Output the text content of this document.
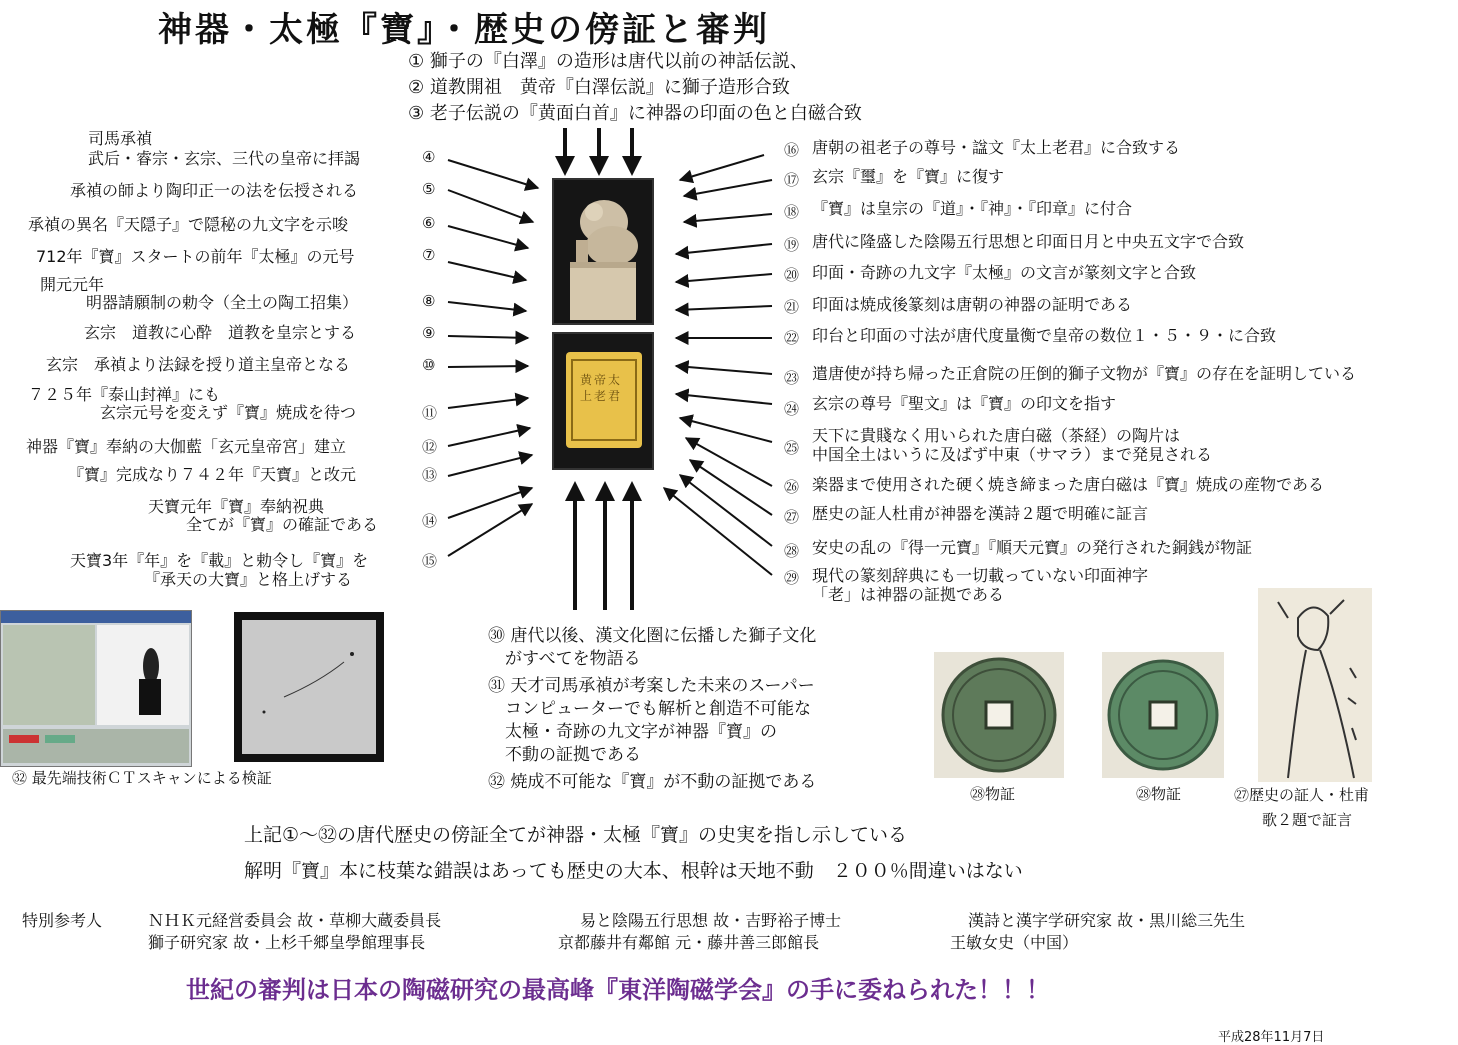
神器・太極『寶』・歴史の傍証と審判
① 獅子の『白澤』の造形は唐代以前の神話伝説、
② 道教開祖　黄帝『白澤伝説』に獅子造形合致
③ 老子伝説の『黄面白首』に神器の印面の色と白磁合致
黄帝太上老君
司馬承禎
武后・睿宗・玄宗、三代の皇帝に拝謁	④
承禎の師より陶印正一の法を伝授される	⑤
承禎の異名『天隠子』で隠秘の九文字を示唆	⑥
712年『寶』スタートの前年『太極』の元号	⑦
開元元年
明器請願制の勅令（全土の陶工招集）	⑧
玄宗　道教に心酔　道教を皇宗とする	⑨
玄宗　承禎より法録を授り道主皇帝となる	⑩
７２５年『泰山封禅』にも
玄宗元号を変えず『寶』焼成を待つ	⑪
神器『寶』奉納の大伽藍「玄元皇帝宮」建立	⑫
『寶』完成なり７４２年『天寶』と改元	⑬
天寶元年『寶』奉納祝典
全てが『寶』の確証である	⑭
天寶3年『年』を『載』と勅令し『寶』を
『承天の大寶』と格上げする
⑮
⑯ 唐朝の祖老子の尊号・諡文『太上老君』に合致する
⑰ 玄宗『璽』を『寶』に復す
⑱ 『寶』は皇宗の『道』・『神』・『印章』に付合
⑲ 唐代に隆盛した陰陽五行思想と印面日月と中央五文字で合致
⑳ 印面・奇跡の九文字『太極』の文言が篆刻文字と合致
㉑ 印面は焼成後篆刻は唐朝の神器の証明である
㉒ 印台と印面の寸法が唐代度量衡で皇帝の数位１・５・９・に合致
㉓ 遣唐使が持ち帰った正倉院の圧倒的獅子文物が『寶』の存在を証明している
㉔ 玄宗の尊号『聖文』は『寶』の印文を指す
㉕
天下に貴賤なく用いられた唐白磁（茶経）の陶片は
中国全土はいうに及ばず中東（サマラ）まで発見される
㉖ 楽器まで使用された硬く焼き締まった唐白磁は『寶』焼成の産物である
㉗ 歴史の証人杜甫が神器を漢詩２題で明確に証言
㉘ 安史の乱の『得一元寶』『順天元寶』の発行された銅銭が物証
㉙ 現代の篆刻辞典にも一切載っていない印面神字
「老」は神器の証拠である
㉜ 最先端技術ＣＴスキャンによる検証
㉚ 唐代以後、漢文化圏に伝播した獅子文化
　がすべてを物語る
㉛ 天才司馬承禎が考案した未来のスーパー
　コンピューターでも解析と創造不可能な
　太極・奇跡の九文字が神器『寶』の
　不動の証拠である
㉜ 焼成不可能な『寶』が不動の証拠である
㉘物証	㉘物証	㉗歴史の証人・杜甫
歌２題で証言
上記①～㉜の唐代歴史の傍証全てが神器・太極『寶』の史実を指し示している
解明『寶』本に枝葉な錯誤はあっても歴史の大本、根幹は天地不動　２００％間違いはない
特別参考人	ＮＨＫ元経営委員会 故・草柳大蔵委員長	易と陰陽五行思想 故・吉野裕子博士	漢詩と漢字学研究家 故・黒川総三先生
獅子研究家 故・上杉千郷皇學館理事長	京都藤井有鄰館 元・藤井善三郎館長	王敏女史（中国）
世紀の審判は日本の陶磁研究の最高峰『東洋陶磁学会』の手に委ねられた！！！
平成28年11月7日
